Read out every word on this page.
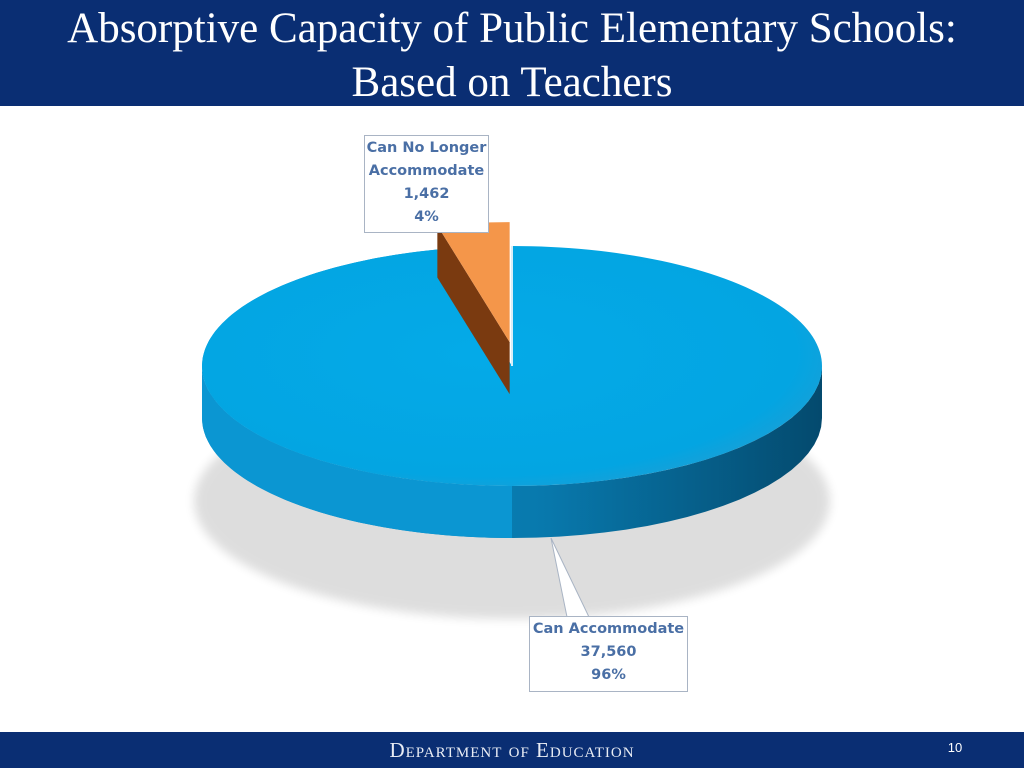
Absorptive Capacity of Public Elementary Schools:
Based on Teachers
Can No Longer
Accommodate
1,462
4%
Can Accommodate
37,560
96%
Department of Education	10
